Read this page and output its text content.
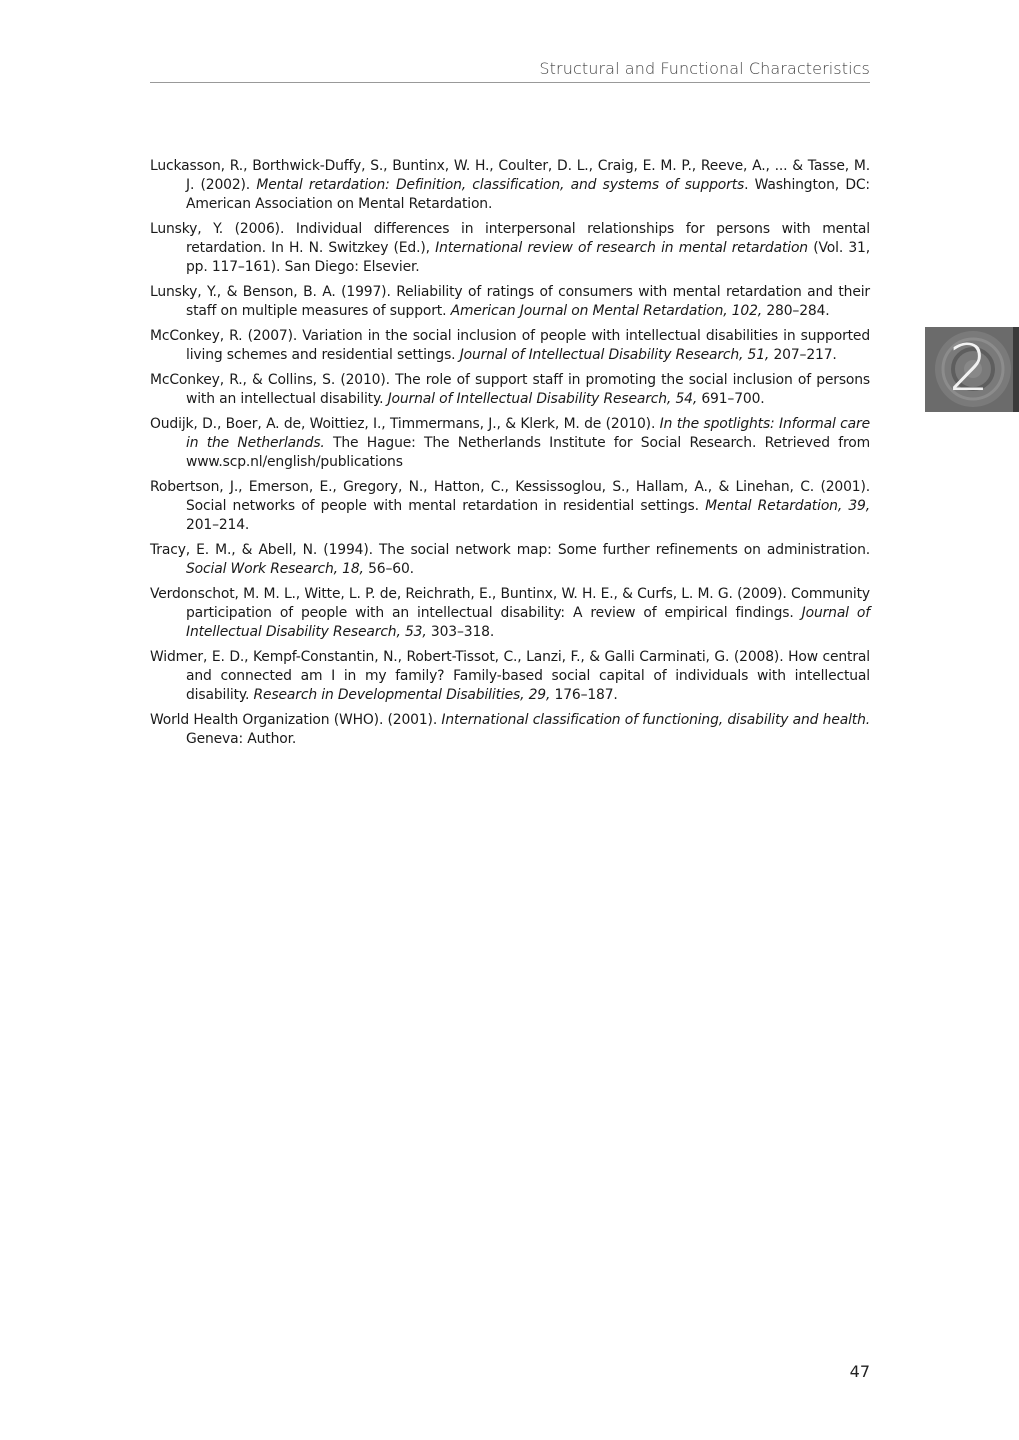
Structural and Functional Characteristics
2

Luckasson, R., Borthwick-Duffy, S., Buntinx, W. H., Coulter, D. L., Craig, E. M. P., Reeve, A., ... & Tasse, M. J. (2002). Mental retardation: Definition, classification, and systems of supports. Washington, DC: American Association on Mental Retardation.

Lunsky, Y. (2006). Individual differences in interpersonal relationships for persons with mental retardation. In H. N. Switzkey (Ed.), International review of research in mental retardation (Vol. 31, pp. 117–161). San Diego: Elsevier.

Lunsky, Y., & Benson, B. A. (1997). Reliability of ratings of consumers with mental retardation and their staff on multiple measures of support. American Journal on Mental Retardation, 102, 280–284.

McConkey, R. (2007). Variation in the social inclusion of people with intellectual disabilities in supported living schemes and residential settings. Journal of Intellectual Disability Research, 51, 207–217.

McConkey, R., & Collins, S. (2010). The role of support staff in promoting the social inclusion of persons with an intellectual disability. Journal of Intellectual Disability Research, 54, 691–700.

Oudijk, D., Boer, A. de, Woittiez, I., Timmermans, J., & Klerk, M. de (2010). In the spotlights: Informal care in the Netherlands. The Hague: The Netherlands Institute for Social Research. Retrieved from www.scp.nl/english/publications

Robertson, J., Emerson, E., Gregory, N., Hatton, C., Kessissoglou, S., Hallam, A., & Linehan, C. (2001). Social networks of people with mental retardation in residential settings. Mental Retardation, 39, 201–214.

Tracy, E. M., & Abell, N. (1994). The social network map: Some further refinements on administration. Social Work Research, 18, 56–60.

Verdonschot, M. M. L., Witte, L. P. de, Reichrath, E., Buntinx, W. H. E., & Curfs, L. M. G. (2009). Community participation of people with an intellectual disability: A review of empirical findings. Journal of Intellectual Disability Research, 53, 303–318.

Widmer, E. D., Kempf-Constantin, N., Robert-Tissot, C., Lanzi, F., & Galli Carminati, G. (2008). How central and connected am I in my family? Family-based social capital of individuals with intellectual disability. Research in Developmental Disabilities, 29, 176–187.

World Health Organization (WHO). (2001). International classification of functioning, disability and health. Geneva: Author.

47
